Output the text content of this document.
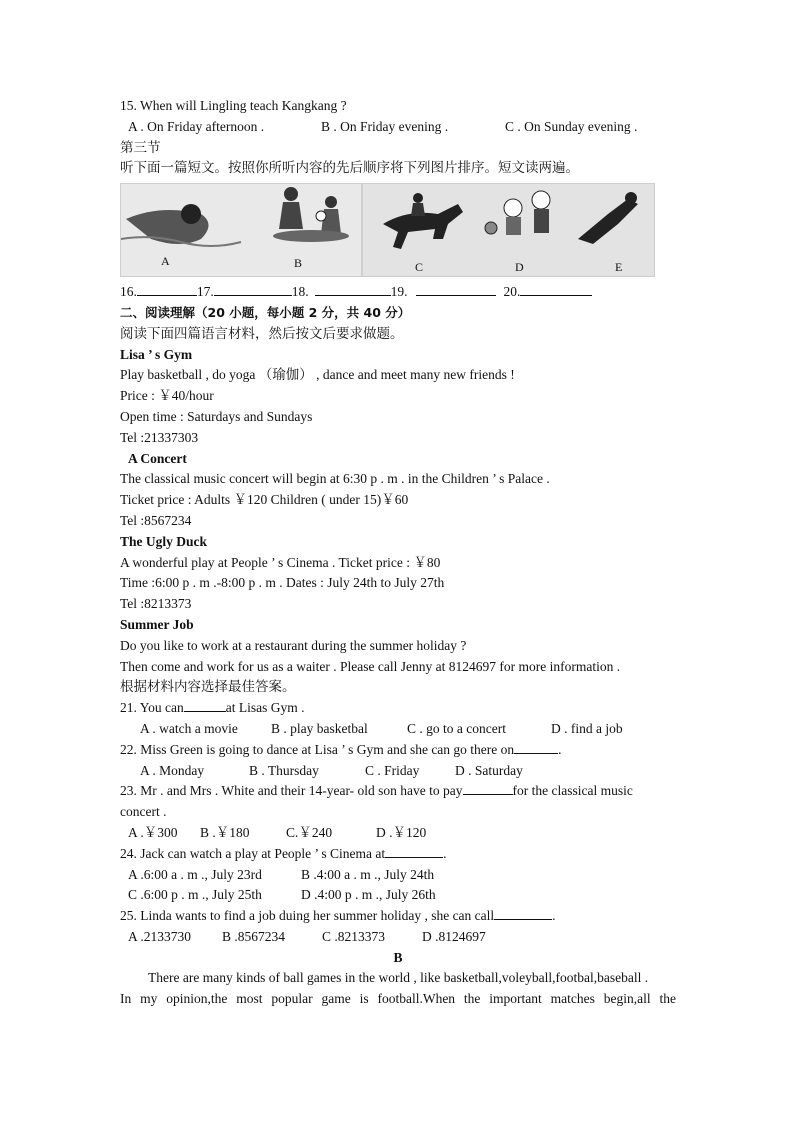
15. When will Lingling teach Kangkang ?
A . On Friday afternoon .	B . On Friday evening .	C . On Sunday evening .
第三节
听下面一篇短文。按照你所听内容的先后顺序将下列图片排序。短文读两遍。
A	B	C	D	E
16.	17.	18.	19.	20.
二、阅读理解（20 小题，每小题 2 分，共 40 分）
阅读下面四篇语言材料，然后按文后要求做题。
Lisa ’ s Gym
Play basketball , do yoga （瑜伽） , dance and meet many new friends !
Price : ￥40/hour
Open time : Saturdays and Sundays
Tel :21337303
A Concert
The classical music concert will begin at 6:30 p . m . in the Children ’ s Palace .
Ticket price : Adults ￥120 Children ( under 15)￥60
Tel :8567234
The Ugly Duck
A wonderful play at People ’ s Cinema . Ticket price : ￥80
Time :6:00 p . m .-8:00 p . m . Dates : July 24th to July 27th
Tel :8213373
Summer Job
Do you like to work at a restaurant during the summer holiday ?
Then come and work for us as a waiter . Please call Jenny at 8124697 for more information .
根据材料内容选择最佳答案。
21. You can	at Lisas Gym .
A . watch a movie B . play basketbal	C . go to a concert	D . find a job
22. Miss Green is going to dance at Lisa ’ s Gym and she can go there on	.
A . Monday	B . Thursday	C . Friday	D . Saturday
23. Mr . and Mrs . White and their 14-year- old son have to pay	for the classical music
concert .
A .￥300 B .￥180	C.￥240	D .￥120
24. Jack can watch a play at People ’ s Cinema at	.
A .6:00 a . m ., July 23rd	B .4:00 a . m ., July 24th
C .6:00 p . m ., July 25th	D .4:00 p . m ., July 26th
25. Linda wants to find a job duing her summer holiday , she can call	.
A .2133730 B .8567234	C .8213373	D .8124697
B
There are many kinds of ball games in the world , like basketball,voleyball,footbal,baseball .
In my opinion,the most popular game is football.When the important matches begin,all the
